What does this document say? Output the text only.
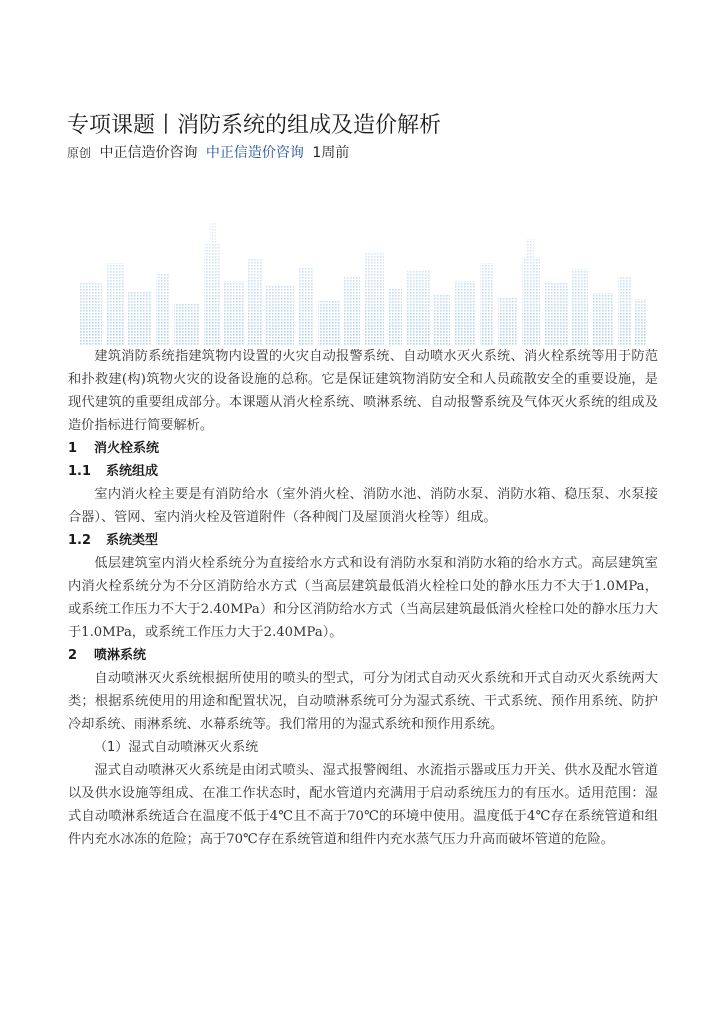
专项课题丨消防系统的组成及造价解析
原创 中正信造价咨询 中正信造价咨询 1周前

建筑消防系统指建筑物内设置的火灾自动报警系统、自动喷水灭火系统、消火栓系统等用于防范和扑救建(构)筑物火灾的设备设施的总称。它是保证建筑物消防安全和人员疏散安全的重要设施，是现代建筑的重要组成部分。本课题从消火栓系统、喷淋系统、自动报警系统及气体灭火系统的组成及造价指标进行简要解析。

1 消火栓系统
1.1 系统组成

室内消火栓主要是有消防给水（室外消火栓、消防水池、消防水泵、消防水箱、稳压泵、水泵接合器）、管网、室内消火栓及管道附件（各种阀门及屋顶消火栓等）组成。

1.2 系统类型

低层建筑室内消火栓系统分为直接给水方式和设有消防水泵和消防水箱的给水方式。高层建筑室内消火栓系统分为不分区消防给水方式（当高层建筑最低消火栓栓口处的静水压力不大于1.0MPa，或系统工作压力不大于2.40MPa）和分区消防给水方式（当高层建筑最低消火栓栓口处的静水压力大于1.0MPa，或系统工作压力大于2.40MPa）。

2 喷淋系统

自动喷淋灭火系统根据所使用的喷头的型式，可分为闭式自动灭火系统和开式自动灭火系统两大类；根据系统使用的用途和配置状况，自动喷淋系统可分为湿式系统、干式系统、预作用系统、防护冷却系统、雨淋系统、水幕系统等。我们常用的为湿式系统和预作用系统。

（1）湿式自动喷淋灭火系统

湿式自动喷淋灭火系统是由闭式喷头、湿式报警阀组、水流指示器或压力开关、供水及配水管道以及供水设施等组成、在准工作状态时，配水管道内充满用于启动系统压力的有压水。适用范围：湿式自动喷淋系统适合在温度不低于4℃且不高于70℃的环境中使用。温度低于4℃存在系统管道和组件内充水冰冻的危险；高于70℃存在系统管道和组件内充水蒸气压力升高而破坏管道的危险。
